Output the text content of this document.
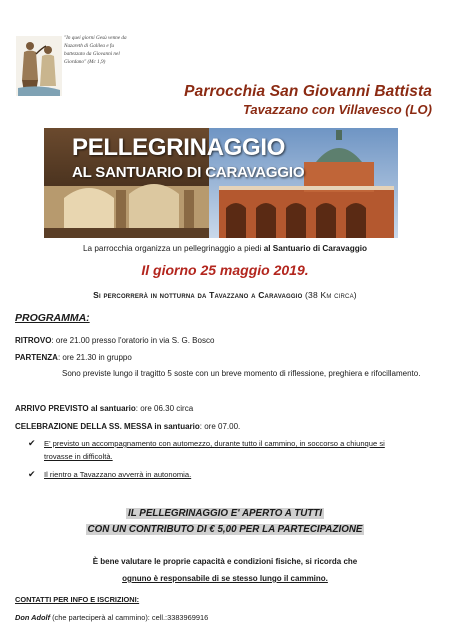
"In quei giorni Gesù venne da Nazareth di Galilea e fu battezzato da Giovanni nel Giordano" (Mc 1,9)
Parrocchia San Giovanni Battista
Tavazzano con Villavesco (LO)
PELLEGRINAGGIO
AL SANTUARIO DI CARAVAGGIO
La parrocchia organizza un pellegrinaggio a piedi al Santuario di Caravaggio
Il giorno 25 maggio 2019.
Si percorrerà in notturna da Tavazzano a Caravaggio (38 Km circa)
PROGRAMMA:
RITROVO: ore 21.00 presso l'oratorio in via S. G. Bosco
PARTENZA: ore 21.30 in gruppo
Sono previste lungo il tragitto 5 soste con un breve momento di riflessione, preghiera e rifocillamento.
ARRIVO PREVISTO al santuario: ore 06.30 circa
CELEBRAZIONE DELLA SS. MESSA in santuario: ore 07.00.
✔ E' previsto un accompagnamento con automezzo, durante tutto il cammino, in soccorso a chiunque si trovasse in difficoltà.
✔ Il rientro a Tavazzano avverrà in autonomia.
IL PELLEGRINAGGIO E' APERTO A TUTTI
CON UN CONTRIBUTO DI € 5,00 PER LA PARTECIPAZIONE
È bene valutare le proprie capacità e condizioni fisiche, si ricorda che
ognuno è responsabile di se stesso lungo il cammino.
CONTATTI PER INFO E ISCRIZIONI:
Don Adolf (che parteciperà al cammino): cell.:3383969916
